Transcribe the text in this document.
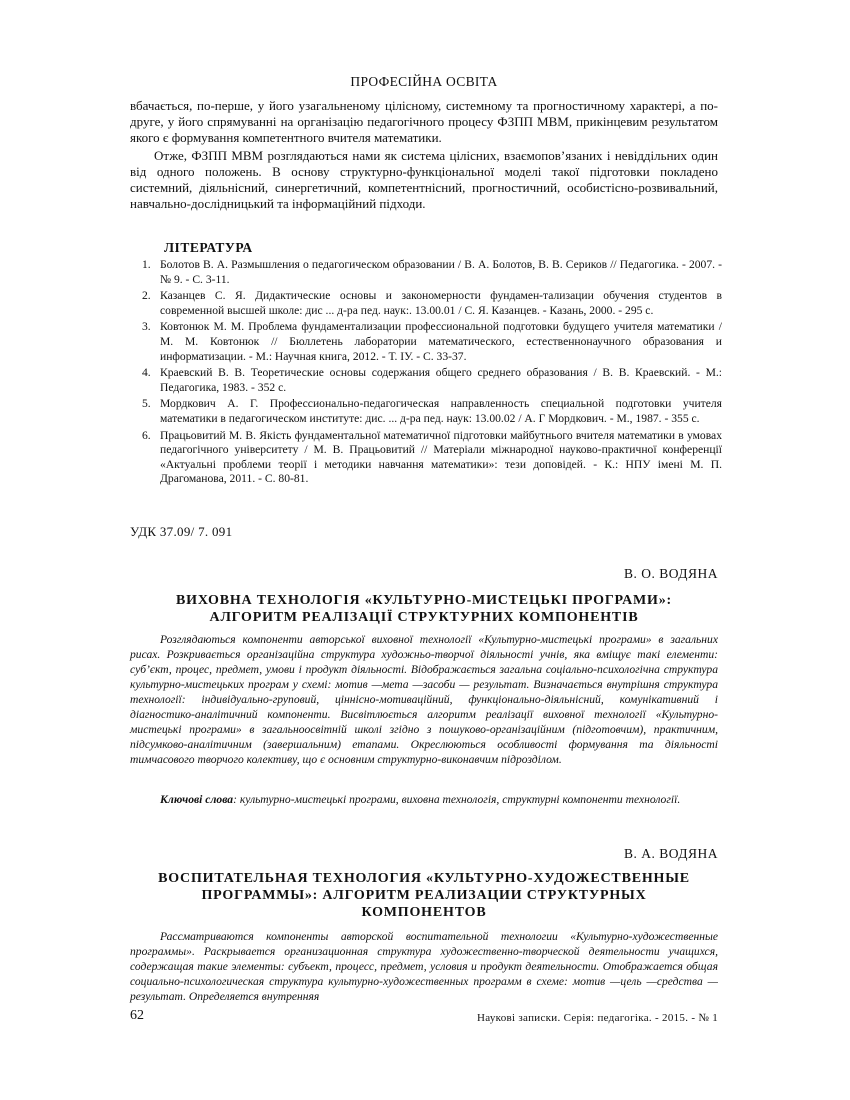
ПРОФЕСІЙНА ОСВІТА

вбачається, по-перше, у його узагальненому цілісному, системному та прогностичному характері, а по-друге, у його спрямуванні на організацію педагогічного процесу ФЗПП МВМ, прикінцевим результатом якого є формування компетентного вчителя математики.

Отже, ФЗПП МВМ розглядаються нами як система цілісних, взаємопов’язаних і невіддільних один від одного положень. В основу структурно-функціональної моделі такої підготовки покладено системний, діяльнісний, синергетичний, компетентнісний, прогностичний, особистісно-розвивальний, навчально-дослідницький та інформаційний підходи.

ЛІТЕРАТУРА
1. Болотов В. А. Размышления о педагогическом образовании / В. А. Болотов, В. В. Сериков // Педагогика. - 2007. - № 9. - С. 3-11.
2. Казанцев С. Я. Дидактические основы и закономерности фундамен-тализации обучения студентов в современной высшей школе: дис ... д-ра пед. наук:. 13.00.01 / С. Я. Казанцев. - Казань, 2000. - 295 с.
3. Ковтонюк М. М. Проблема фундаментализации профессиональной подготовки будущего учителя математики / М. М. Ковтонюк // Бюллетень лаборатории математического, естественнонаучного образования и информатизации. - М.: Научная книга, 2012. - Т. ІУ. - С. 33-37.
4. Краевский В. В. Теоретические основы содержания общего среднего образования / В. В. Краевский. - М.: Педагогика, 1983. - 352 с.
5. Мордкович А. Г. Профессионально-педагогическая направленность специальной подготовки учителя математики в педагогическом институте: дис. ... д-ра пед. наук: 13.00.02 / А. Г Мордкович. - М., 1987. - 355 с.
6. Працьовитий М. В. Якість фундаментальної математичної підготовки майбутнього вчителя математики в умовах педагогічного університету / М. В. Працьовитий // Матеріали міжнародної науково-практичної конференції «Актуальні проблеми теорії і методики навчання математики»: тези доповідей. - К.: НПУ імені М. П. Драгоманова, 2011. - С. 80-81.
УДК 37.09/ 7. 091
В. О. ВОДЯНА
ВИХОВНА ТЕХНОЛОГІЯ «КУЛЬТУРНО-МИСТЕЦЬКІ ПРОГРАМИ»:
АЛГОРИТМ РЕАЛІЗАЦІЇ СТРУКТУРНИХ КОМПОНЕНТІВ

Розглядаються компоненти авторської виховної технології «Культурно-мистецькі програми» в загальних рисах. Розкривається організаційна структура художньо-творчої діяльності учнів, яка вміщує такі елементи: суб’єкт, процес, предмет, умови і продукт діяльності. Відображається загальна соціально-психологічна структура культурно-мистецьких програм у схемі: мотив —мета —засоби — результат. Визначається внутрішня структура технології: індивідуально-груповий, ціннісно-мотиваційний, функціонально-діяльнісний, комунікативний і діагностико-аналітичний компоненти. Висвітлюється алгоритм реалізації виховної технології «Культурно-мистецькі програми» в загальноосвітній школі згідно з пошуково-організаційним (підготовчим), практичним, підсумково-аналітичним (завершальним) етапами. Окреслюються особливості формування та діяльності тимчасового творчого колективу, що є основним структурно-виконавчим підрозділом.

Ключові слова: культурно-мистецькі програми, виховна технологія, структурні компоненти технології.

В. А. ВОДЯНА
ВОСПИТАТЕЛЬНАЯ ТЕХНОЛОГИЯ «КУЛЬТУРНО-ХУДОЖЕСТВЕННЫЕ
ПРОГРАММЫ»: АЛГОРИТМ РЕАЛИЗАЦИИ СТРУКТУРНЫХ
КОМПОНЕНТОВ

Рассматриваются компоненты авторской воспитательной технологии «Культурно-художественные программы». Раскрывается организационная структура художественно-творческой деятельности учащихся, содержащая такие элементы: субъект, процесс, предмет, условия и продукт деятельности. Отображается общая социально-психологическая структура культурно-художественных программ в схеме: мотив —цель —средства —результат. Определяется внутренняя

62	Наукові записки. Серія: педагогіка. - 2015. - № 1
